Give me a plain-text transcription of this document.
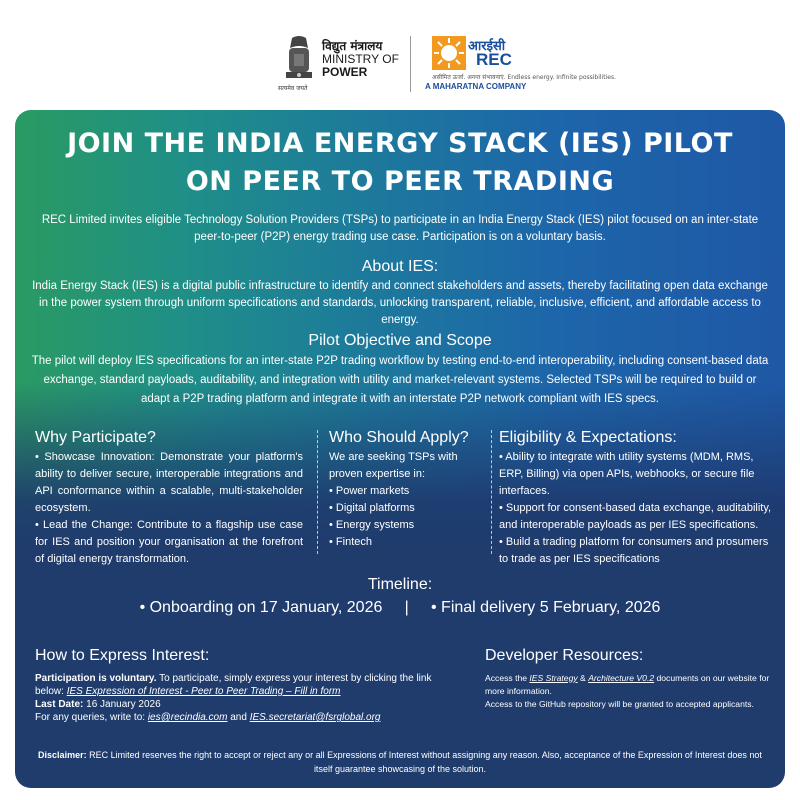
सत्यमेव जयते
विद्युत मंत्रालय
MINISTRY OF
POWER
आरईसी
REC
असीमित ऊर्जा. अनन्त संभावनाएं. Endless energy. Infinite possibilities.
A MAHARATNA COMPANY
JOIN THE INDIA ENERGY STACK (IES) PILOT
ON PEER TO PEER TRADING
REC Limited invites eligible Technology Solution Providers (TSPs) to participate in an India Energy Stack (IES) pilot focused on an inter-state peer-to-peer (P2P) energy trading use case. Participation is on a voluntary basis.
About IES:
India Energy Stack (IES) is a digital public infrastructure to identify and connect stakeholders and assets, thereby facilitating open data exchange in the power system through uniform specifications and standards, unlocking transparent, reliable, inclusive, efficient, and affordable access to energy.
Pilot Objective and Scope
The pilot will deploy IES specifications for an inter-state P2P trading workflow by testing end-to-end interoperability, including consent-based data exchange, standard payloads, auditability, and integration with utility and market-relevant systems. Selected TSPs will be required to build or adapt a P2P trading platform and integrate it with an interstate P2P network compliant with IES specs.
Why Participate?

• Showcase Innovation: Demonstrate your platform's ability to deliver secure, interoperable integrations and API conformance within a scalable, multi-stakeholder ecosystem.

• Lead the Change: Contribute to a flagship use case for IES and position your organisation at the forefront of digital energy transformation.

Who Should Apply?

We are seeking TSPs with proven expertise in:

• Power markets

• Digital platforms

• Energy systems

• Fintech

Eligibility & Expectations:

• Ability to integrate with utility systems (MDM, RMS, ERP, Billing) via open APIs, webhooks, or secure file interfaces.

• Support for consent-based data exchange, auditability, and interoperable payloads as per IES specifications.

• Build a trading platform for consumers and prosumers to trade as per IES specifications

Timeline:
• Onboarding on 17 January, 2026 | • Final delivery 5 February, 2026
How to Express Interest:

Participation is voluntary. To participate, simply express your interest by clicking the link below: IES Expression of Interest - Peer to Peer Trading – Fill in form

Last Date: 16 January 2026

For any queries, write to: ies@recindia.com and IES.secretariat@fsrglobal.org

Developer Resources:

Access the IES Strategy & Architecture V0.2 documents on our website for more information.

Access to the GitHub repository will be granted to accepted applicants.

Disclaimer: REC Limited reserves the right to accept or reject any or all Expressions of Interest without assigning any reason. Also, acceptance of the Expression of Interest does not itself guarantee showcasing of the solution.
